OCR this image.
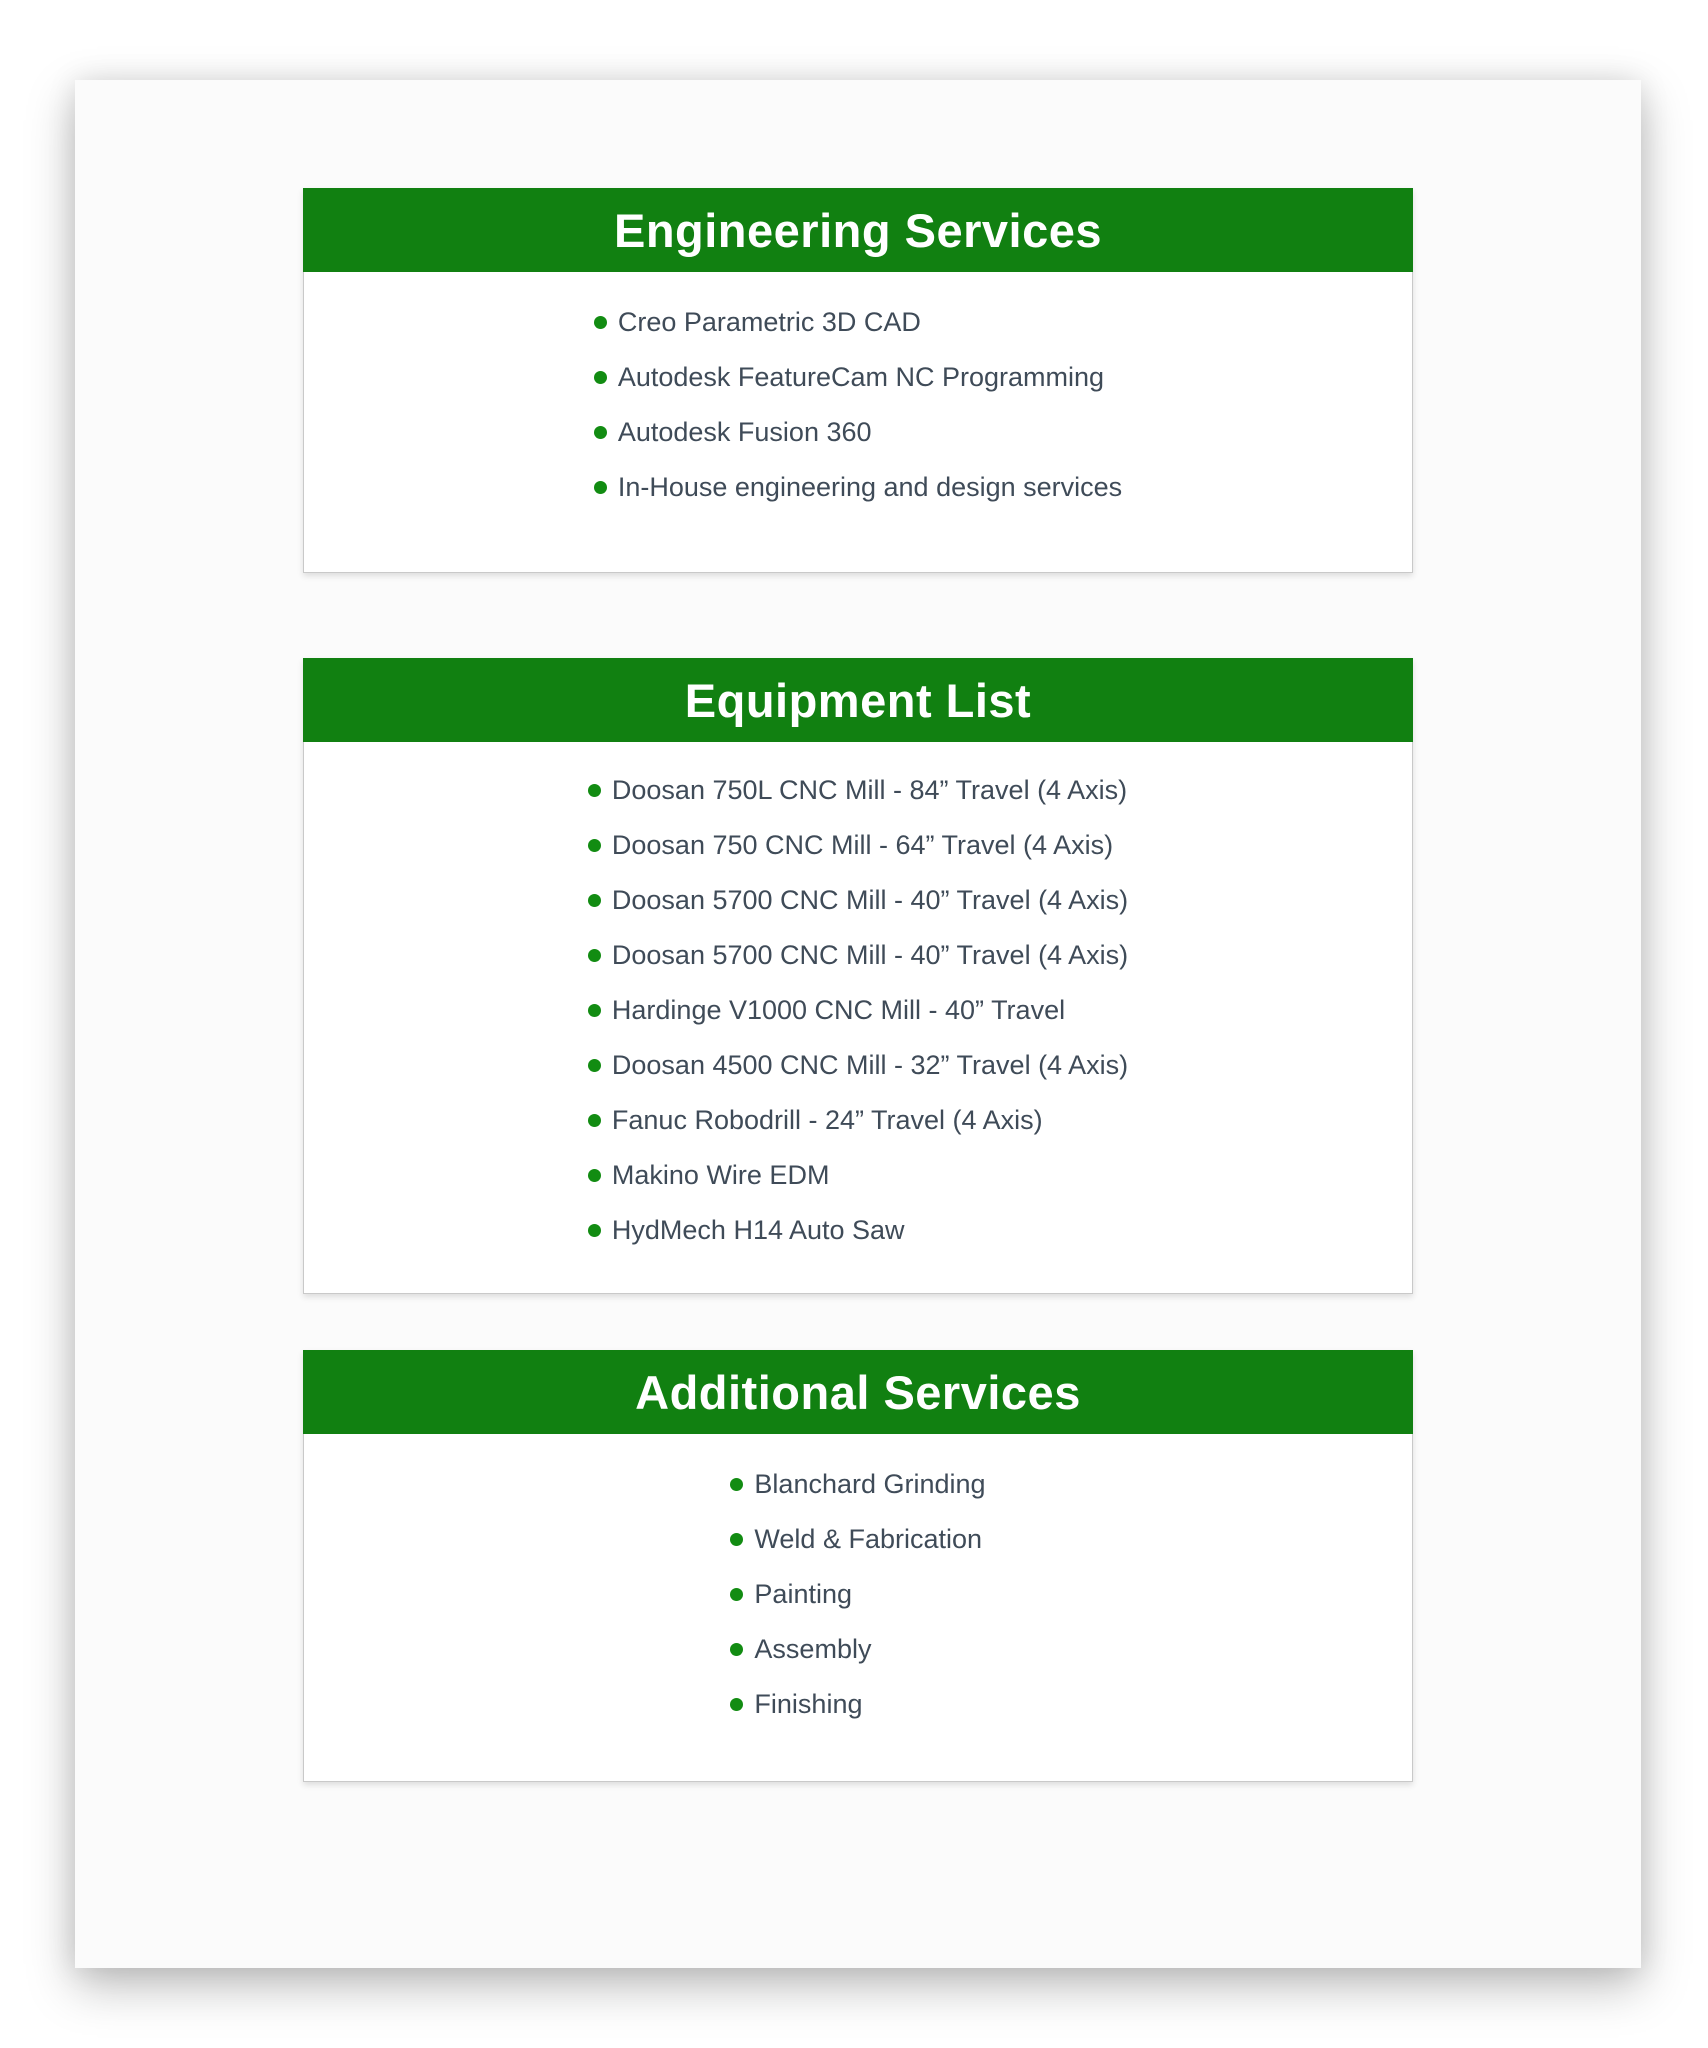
Engineering Services
Creo Parametric 3D CAD
Autodesk FeatureCam NC Programming
Autodesk Fusion 360
In-House engineering and design services
Equipment List
Doosan 750L CNC Mill - 84” Travel (4 Axis)
Doosan 750 CNC Mill - 64” Travel (4 Axis)
Doosan 5700 CNC Mill - 40” Travel (4 Axis)
Doosan 5700 CNC Mill - 40” Travel (4 Axis)
Hardinge V1000 CNC Mill - 40” Travel
Doosan 4500 CNC Mill - 32” Travel (4 Axis)
Fanuc Robodrill - 24” Travel (4 Axis)
Makino Wire EDM
HydMech H14 Auto Saw
Additional Services
Blanchard Grinding
Weld & Fabrication
Painting
Assembly
Finishing
